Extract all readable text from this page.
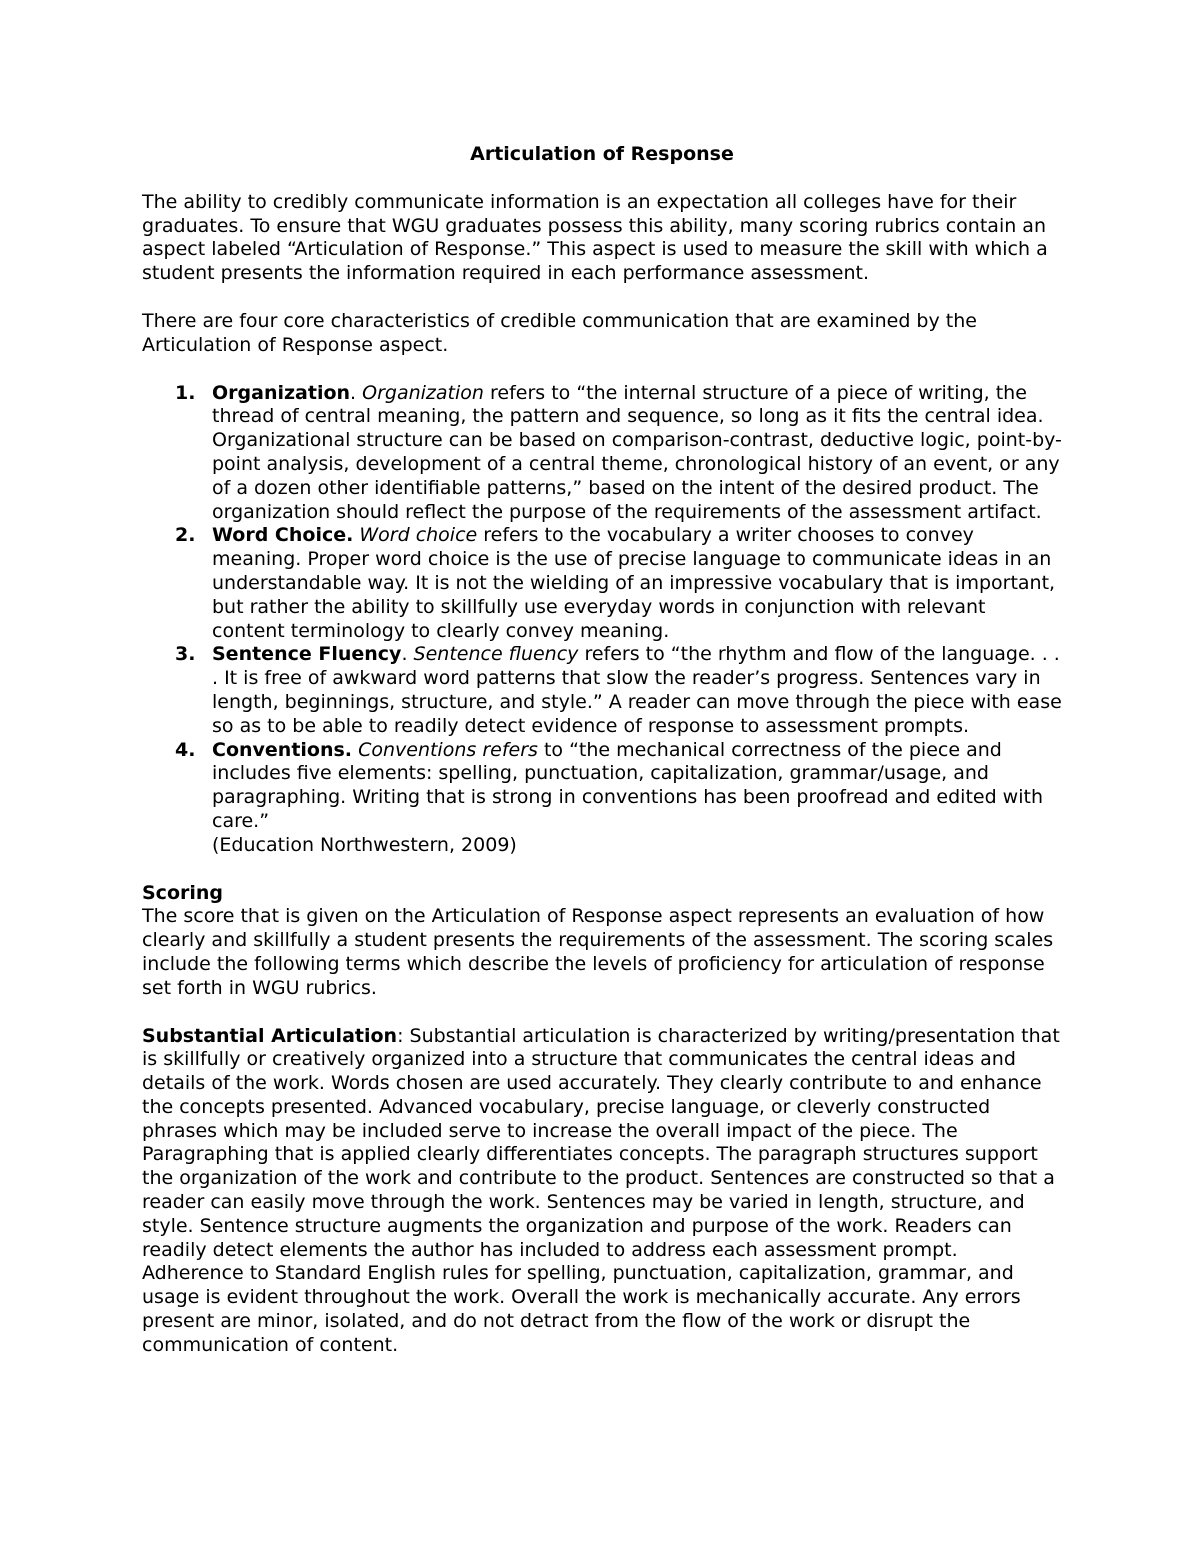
Articulation of Response

The ability to credibly communicate information is an expectation all colleges have for their graduates. To ensure that WGU graduates possess this ability, many scoring rubrics contain an aspect labeled “Articulation of Response.” This aspect is used to measure the skill with which a student presents the information required in each performance assessment.

There are four core characteristics of credible communication that are examined by the Articulation of Response aspect.

1. Organization. Organization refers to “the internal structure of a piece of writing, the thread of central meaning, the pattern and sequence, so long as it fits the central idea. Organizational structure can be based on comparison-contrast, deductive logic, point-by-point analysis, development of a central theme, chronological history of an event, or any of a dozen other identifiable patterns,” based on the intent of the desired product. The organization should reflect the purpose of the requirements of the assessment artifact.
2. Word Choice. Word choice refers to the vocabulary a writer chooses to convey meaning. Proper word choice is the use of precise language to communicate ideas in an understandable way. It is not the wielding of an impressive vocabulary that is important, but rather the ability to skillfully use everyday words in conjunction with relevant content terminology to clearly convey meaning.
3. Sentence Fluency. Sentence fluency refers to “the rhythm and flow of the language. . . . It is free of awkward word patterns that slow the reader’s progress. Sentences vary in length, beginnings, structure, and style.” A reader can move through the piece with ease so as to be able to readily detect evidence of response to assessment prompts.
4. Conventions. Conventions refers to “the mechanical correctness of the piece and includes five elements: spelling, punctuation, capitalization, grammar/usage, and paragraphing. Writing that is strong in conventions has been proofread and edited with care.”
(Education Northwestern, 2009)
Scoring

The score that is given on the Articulation of Response aspect represents an evaluation of how clearly and skillfully a student presents the requirements of the assessment. The scoring scales include the following terms which describe the levels of proficiency for articulation of response set forth in WGU rubrics.

Substantial Articulation: Substantial articulation is characterized by writing/presentation that is skillfully or creatively organized into a structure that communicates the central ideas and details of the work. Words chosen are used accurately. They clearly contribute to and enhance the concepts presented. Advanced vocabulary, precise language, or cleverly constructed phrases which may be included serve to increase the overall impact of the piece. The Paragraphing that is applied clearly differentiates concepts. The paragraph structures support the organization of the work and contribute to the product. Sentences are constructed so that a reader can easily move through the work. Sentences may be varied in length, structure, and style. Sentence structure augments the organization and purpose of the work. Readers can readily detect elements the author has included to address each assessment prompt. Adherence to Standard English rules for spelling, punctuation, capitalization, grammar, and usage is evident throughout the work. Overall the work is mechanically accurate. Any errors present are minor, isolated, and do not detract from the flow of the work or disrupt the communication of content.
